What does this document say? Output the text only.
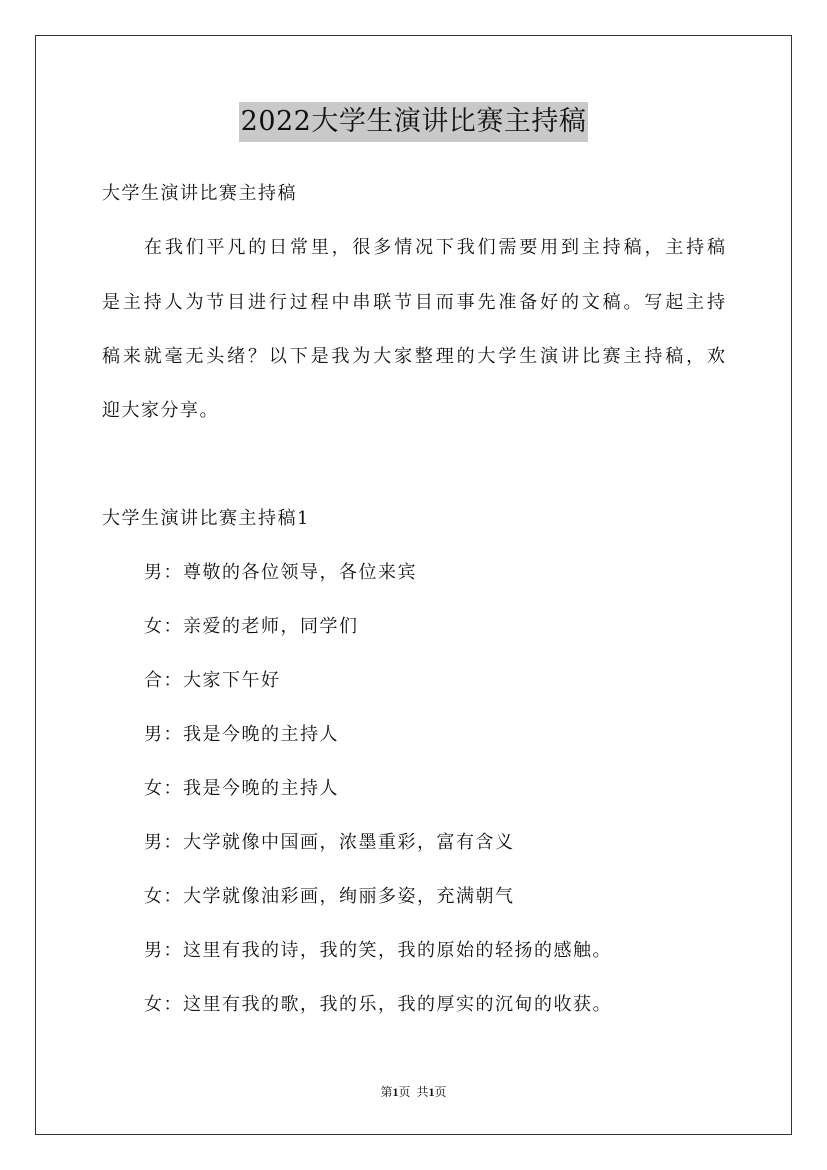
2022大学生演讲比赛主持稿
大学生演讲比赛主持稿
在我们平凡的日常里，很多情况下我们需要用到主持稿，主持稿
是主持人为节目进行过程中串联节目而事先准备好的文稿。写起主持
稿来就毫无头绪？以下是我为大家整理的大学生演讲比赛主持稿，欢
迎大家分享。
大学生演讲比赛主持稿1
男：尊敬的各位领导，各位来宾
女：亲爱的老师，同学们
合：大家下午好
男：我是今晚的主持人
女：我是今晚的主持人
男：大学就像中国画，浓墨重彩，富有含义
女：大学就像油彩画，绚丽多姿，充满朝气
男：这里有我的诗，我的笑，我的原始的轻扬的感触。
女：这里有我的歌，我的乐，我的厚实的沉甸的收获。
第1页 共1页
